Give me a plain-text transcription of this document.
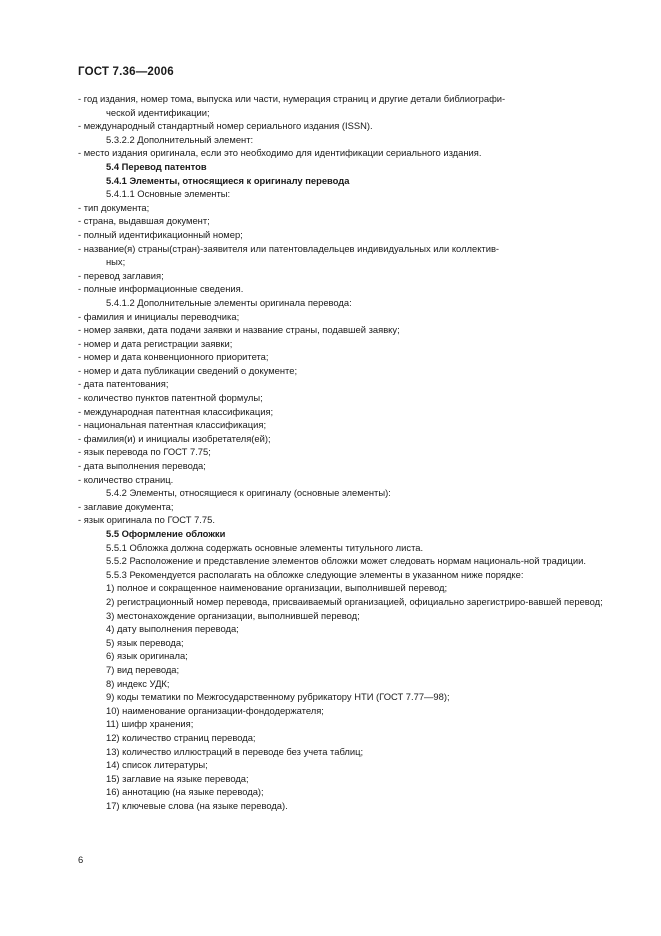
ГОСТ 7.36—2006
- год издания, номер тома, выпуска или части, нумерация страниц и другие детали библиографи-
ческой идентификации;
- международный стандартный номер сериального издания (ISSN).
5.3.2.2 Дополнительный элемент:
- место издания оригинала, если это необходимо для идентификации сериального издания.
5.4 Перевод патентов
5.4.1 Элементы, относящиеся к оригиналу перевода
5.4.1.1 Основные элементы:
- тип документа;
- страна, выдавшая документ;
- полный идентификационный номер;
- название(я) страны(стран)-заявителя или патентовладельцев индивидуальных или коллектив-
ных;
- перевод заглавия;
- полные информационные сведения.
5.4.1.2 Дополнительные элементы оригинала перевода:
- фамилия и инициалы переводчика;
- номер заявки, дата подачи заявки и название страны, подавшей заявку;
- номер и дата регистрации заявки;
- номер и дата конвенционного приоритета;
- номер и дата публикации сведений о документе;
- дата патентования;
- количество пунктов патентной формулы;
- международная патентная классификация;
- национальная патентная классификация;
- фамилия(и) и инициалы изобретателя(ей);
- язык перевода по ГОСТ 7.75;
- дата выполнения перевода;
- количество страниц.
5.4.2 Элементы, относящиеся к оригиналу (основные элементы):
- заглавие документа;
- язык оригинала по ГОСТ 7.75.
5.5 Оформление обложки
5.5.1 Обложка должна содержать основные элементы титульного листа.
5.5.2 Расположение и представление элементов обложки может следовать нормам националь-ной традиции.
5.5.3 Рекомендуется располагать на обложке следующие элементы в указанном ниже порядке:
1) полное и сокращенное наименование организации, выполнившей перевод;
2) регистрационный номер перевода, присваиваемый организацией, официально зарегистриро-вавшей перевод;
3) местонахождение организации, выполнившей перевод;
4) дату выполнения перевода;
5) язык перевода;
6) язык оригинала;
7) вид перевода;
8) индекс УДК;
9) коды тематики по Межгосударственному рубрикатору НТИ (ГОСТ 7.77—98);
10) наименование организации-фондодержателя;
11) шифр хранения;
12) количество страниц перевода;
13) количество иллюстраций в переводе без учета таблиц;
14) список литературы;
15) заглавие на языке перевода;
16) аннотацию (на языке перевода);
17) ключевые слова (на языке перевода).
6
